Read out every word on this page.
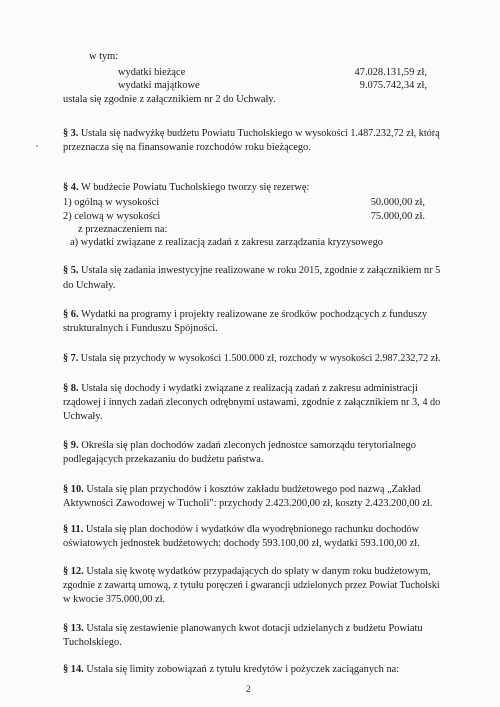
w tym:
wydatki bieżące	47.028.131,59 zł,
wydatki majątkowe	9.075.742,34 zł,
ustala się zgodnie z załącznikiem nr 2 do Uchwały.
§ 3. Ustala się nadwyżkę budżetu Powiatu Tucholskiego w wysokości 1.487.232,72 zł, którą
przeznacza się na finansowanie rozchodów roku bieżącego.
§ 4. W budżecie Powiatu Tucholskiego tworzy się rezerwę:
1) ogólną w wysokości	50.000,00 zł,
2) celową w wysokości	75.000,00 zł.
z przeznaczeniem na:
a) wydatki związane z realizacją zadań z zakresu zarządzania kryzysowego
§ 5. Ustala się zadania inwestycyjne realizowane w roku 2015, zgodnie z załącznikiem nr 5
do Uchwały.
§ 6. Wydatki na programy i projekty realizowane ze środków pochodzących z funduszy
strukturalnych i Funduszu Spójności.
§ 7. Ustala się przychody w wysokości 1.500.000 zł, rozchody w wysokości 2.987.232,72 zł.
§ 8. Ustala się dochody i wydatki związane z realizacją zadań z zakresu administracji
rządowej i innych zadań zleconych odrębnymi ustawami, zgodnie z załącznikiem nr 3, 4 do
Uchwały.
§ 9. Określa się plan dochodów zadań zleconych jednostce samorządu terytorialnego
podlegających przekazaniu do budżetu państwa.
§ 10. Ustala się plan przychodów i kosztów zakładu budżetowego pod nazwą „Zakład
Aktywności Zawodowej w Tucholi": przychody 2.423.200,00 zł, koszty 2.423.200,00 zł.
§ 11. Ustala się plan dochodów i wydatków dla wyodrębnionego rachunku dochodów
oświatowych jednostek budżetowych: dochody 593.100,00 zł, wydatki 593.100,00 zł.
§ 12. Ustala się kwotę wydatków przypadających do spłaty w danym roku budżetowym,
zgodnie z zawartą umową, z tytułu poręczeń i gwarancji udzielonych przez Powiat Tucholski
w kwocie 375.000,00 zł.
§ 13. Ustala się zestawienie planowanych kwot dotacji udzielanych z budżetu Powiatu
Tucholskiego.
§ 14. Ustala się limity zobowiązań z tytułu kredytów i pożyczek zaciąganych na:
2
